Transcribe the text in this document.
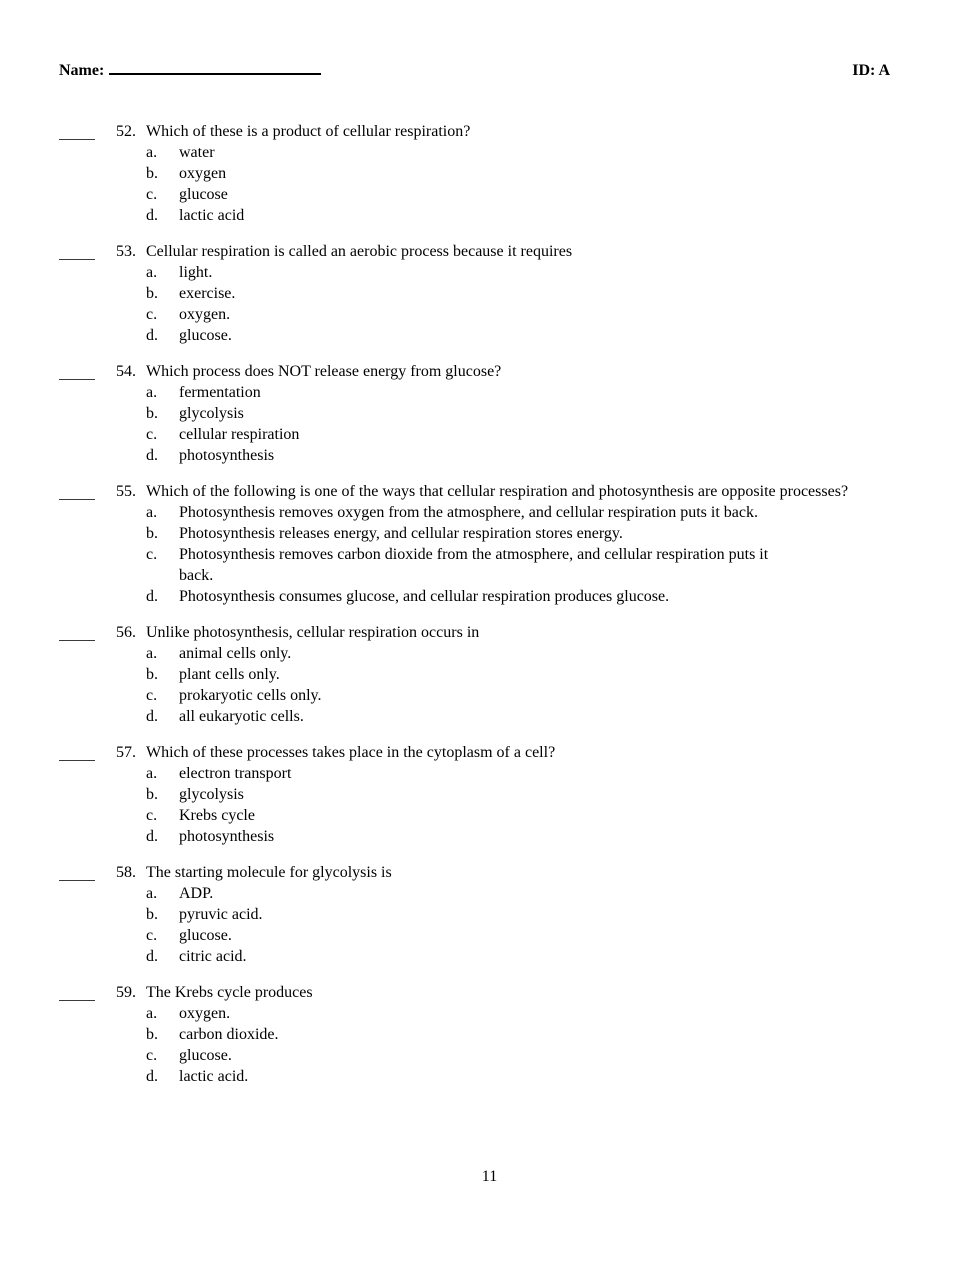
Name:	ID: A
52. Which of these is a product of cellular respiration?
a.	water
b.	oxygen
c.	glucose
d.	lactic acid
53. Cellular respiration is called an aerobic process because it requires
a.	light.
b.	exercise.
c.	oxygen.
d.	glucose.
54. Which process does NOT release energy from glucose?
a.	fermentation
b.	glycolysis
c.	cellular respiration
d.	photosynthesis
55. Which of the following is one of the ways that cellular respiration and photosynthesis are opposite processes?
a.	Photosynthesis removes oxygen from the atmosphere, and cellular respiration puts it back.
b.	Photosynthesis releases energy, and cellular respiration stores energy.
c.	Photosynthesis removes carbon dioxide from the atmosphere, and cellular respiration puts it back.
d.	Photosynthesis consumes glucose, and cellular respiration produces glucose.
56. Unlike photosynthesis, cellular respiration occurs in
a.	animal cells only.
b.	plant cells only.
c.	prokaryotic cells only.
d.	all eukaryotic cells.
57. Which of these processes takes place in the cytoplasm of a cell?
a.	electron transport
b.	glycolysis
c.	Krebs cycle
d.	photosynthesis
58. The starting molecule for glycolysis is
a.	ADP.
b.	pyruvic acid.
c.	glucose.
d.	citric acid.
59. The Krebs cycle produces
a.	oxygen.
b.	carbon dioxide.
c.	glucose.
d.	lactic acid.
11
